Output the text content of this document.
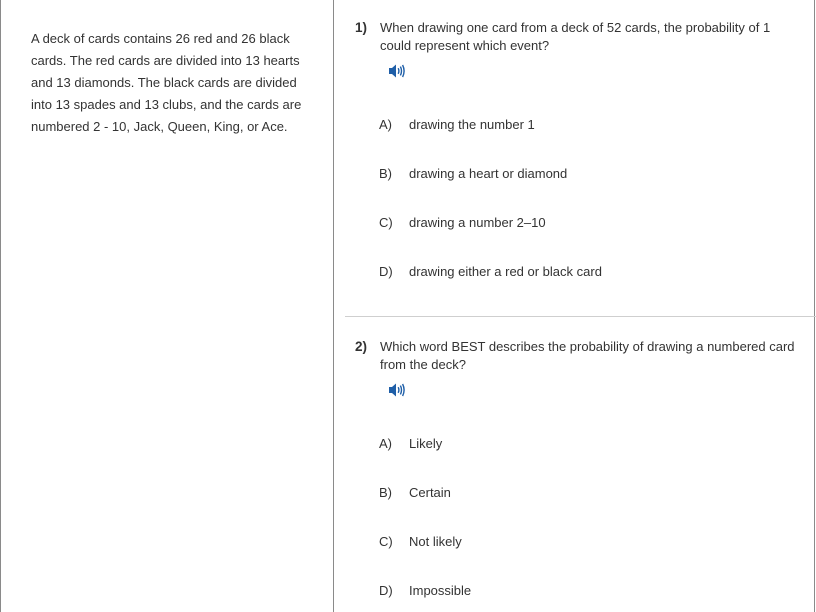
A deck of cards contains 26 red and 26 black cards. The red cards are divided into 13 hearts and 13 diamonds. The black cards are divided into 13 spades and 13 clubs, and the cards are numbered 2 - 10, Jack, Queen, King, or Ace.

1) When drawing one card from a deck of 52 cards, the probability of 1 could represent which event?

A) drawing the number 1
B) drawing a heart or diamond
C) drawing a number 2–10
D) drawing either a red or black card
2) Which word BEST describes the probability of drawing a numbered card from the deck?

A) Likely
B) Certain
C) Not likely
D) Impossible
